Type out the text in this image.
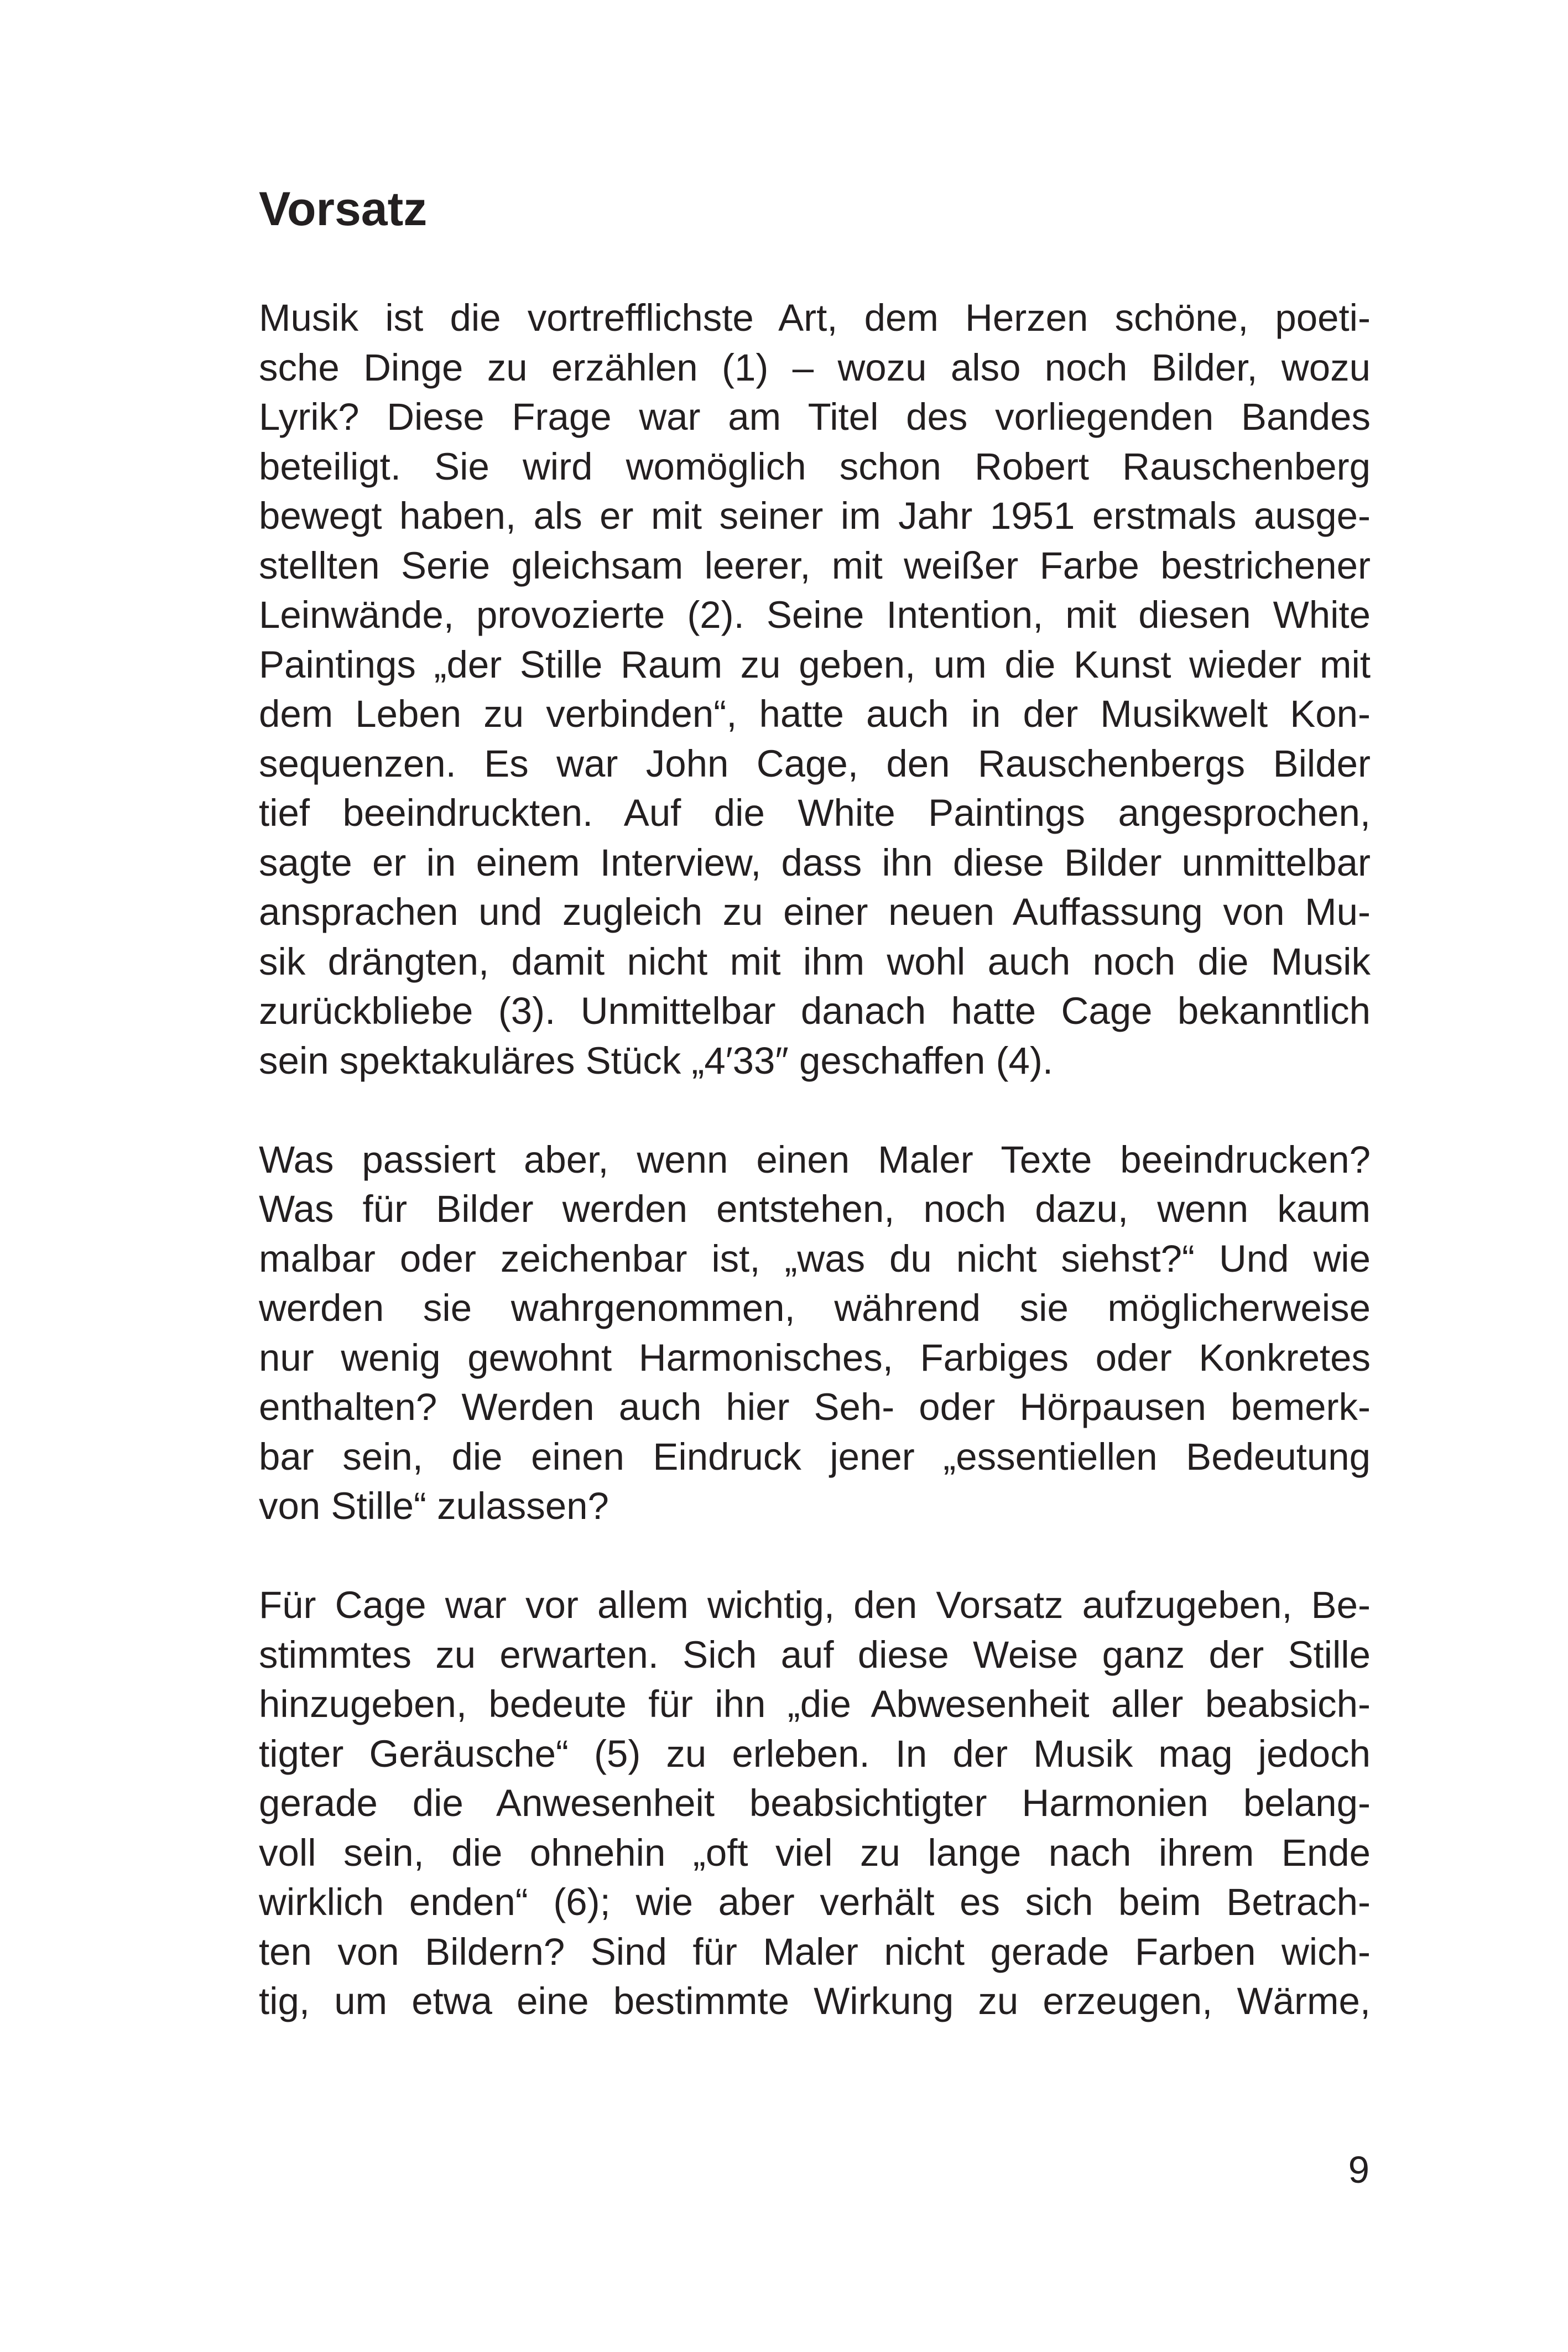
Vorsatz
Musik ist die vortrefflichste Art, dem Herzen schöne, poeti-
sche Dinge zu erzählen (1) – wozu also noch Bilder, wozu
Lyrik? Diese Frage war am Titel des vorliegenden Bandes
beteiligt. Sie wird womöglich schon Robert Rauschenberg
bewegt haben, als er mit seiner im Jahr 1951 erstmals ausge-
stellten Serie gleichsam leerer, mit weißer Farbe bestrichener
Leinwände, provozierte (2). Seine Intention, mit diesen White
Paintings „der Stille Raum zu geben, um die Kunst wieder mit
dem Leben zu verbinden“, hatte auch in der Musikwelt Kon-
sequenzen. Es war John Cage, den Rauschenbergs Bilder
tief beeindruckten. Auf die White Paintings angesprochen,
sagte er in einem Interview, dass ihn diese Bilder unmittelbar
ansprachen und zugleich zu einer neuen Auffassung von Mu-
sik drängten, damit nicht mit ihm wohl auch noch die Musik
zurückbliebe (3). Unmittelbar danach hatte Cage bekanntlich
sein spektakuläres Stück „4′33″ geschaffen (4).
Was passiert aber, wenn einen Maler Texte beeindrucken?
Was für Bilder werden entstehen, noch dazu, wenn kaum
malbar oder zeichenbar ist, „was du nicht siehst?“ Und wie
werden sie wahrgenommen, während sie möglicherweise
nur wenig gewohnt Harmonisches, Farbiges oder Konkretes
enthalten? Werden auch hier Seh- oder Hörpausen bemerk-
bar sein, die einen Eindruck jener „essentiellen Bedeutung
von Stille“ zulassen?
Für Cage war vor allem wichtig, den Vorsatz aufzugeben, Be-
stimmtes zu erwarten. Sich auf diese Weise ganz der Stille
hinzugeben, bedeute für ihn „die Abwesenheit aller beabsich-
tigter Geräusche“ (5) zu erleben. In der Musik mag jedoch
gerade die Anwesenheit beabsichtigter Harmonien belang-
voll sein, die ohnehin „oft viel zu lange nach ihrem Ende
wirklich enden“ (6); wie aber verhält es sich beim Betrach-
ten von Bildern? Sind für Maler nicht gerade Farben wich-
tig, um etwa eine bestimmte Wirkung zu erzeugen, Wärme,
9
